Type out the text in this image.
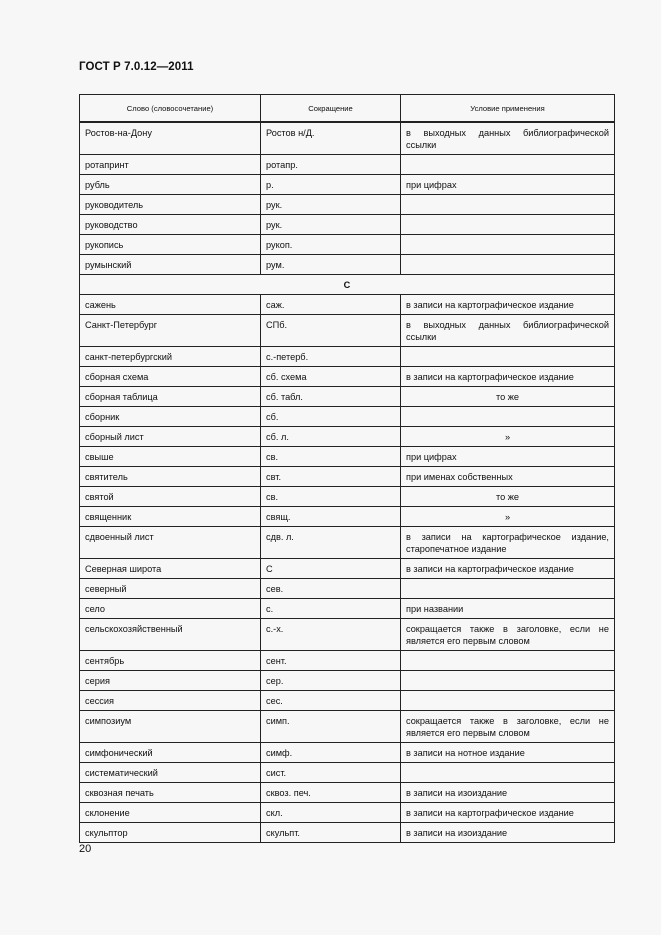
ГОСТ Р 7.0.12—2011
Слово (словосочетание)	Сокращение	Условие применения
Ростов-на-Дону	Ростов н/Д.	в выходных данных библиографической ссылки
ротапринт	ротапр.	
рубль	р.	при цифрах
руководитель	рук.	
руководство	рук.	
рукопись	рукоп.	
румынский	рум.	
С		
сажень	саж.	в записи на картографическое издание
Санкт-Петербург	СПб.	в выходных данных библиографической ссылки
санкт-петербургский	с.-петерб.	
сборная схема	сб. схема	в записи на картографическое издание
сборная таблица	сб. табл.	то же
сборник	сб.	
сборный лист	сб. л.	»
свыше	св.	при цифрах
святитель	свт.	при именах собственных
святой	св.	то же
священник	свящ.	»
сдвоенный лист	сдв. л.	в записи на картографическое издание, старопечатное издание
Северная широта	С	в записи на картографическое издание
северный	сев.	
село	с.	при названии
сельскохозяйственный	с.-х.	сокращается также в заголовке, если не является его первым словом
сентябрь	сент.	
серия	сер.	
сессия	сес.	
симпозиум	симп.	сокращается также в заголовке, если не является его первым словом
симфонический	симф.	в записи на нотное издание
систематический	сист.	
сквозная печать	сквоз. печ.	в записи на изоиздание
склонение	скл.	в записи на картографическое издание
скульптор	скульпт.	в записи на изоиздание
20
